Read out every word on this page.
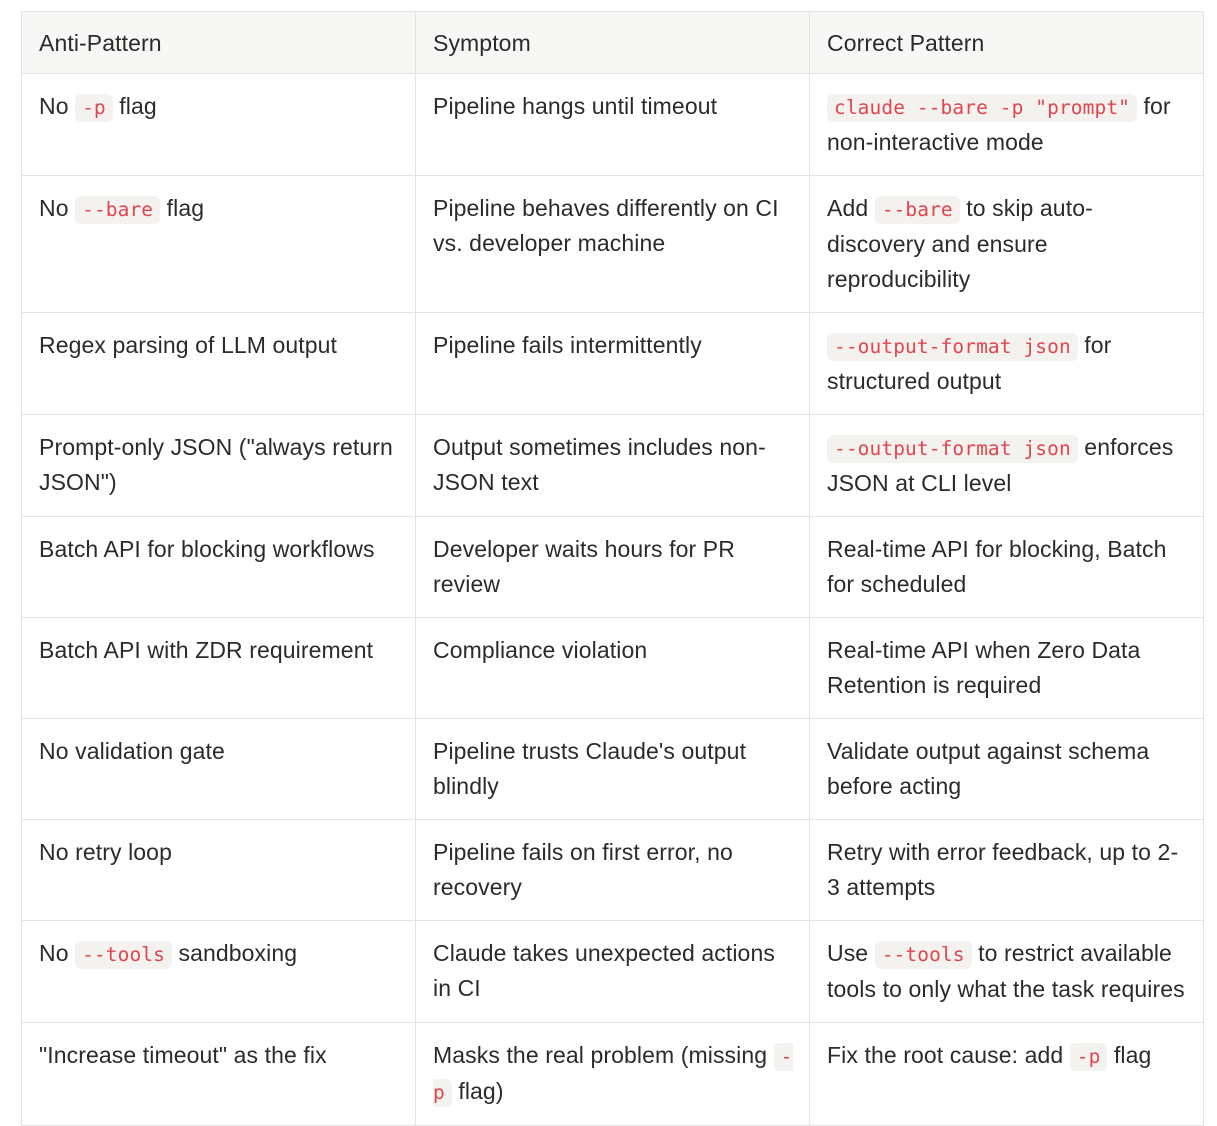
Anti-Pattern	Symptom	Correct Pattern
No -p flag	Pipeline hangs until timeout	claude --bare -p "prompt" for non-interactive mode
No --bare flag	Pipeline behaves differently on CI vs. developer machine	Add --bare to skip auto-discovery and ensure reproducibility
Regex parsing of LLM output	Pipeline fails intermittently	--output-format json for structured output
Prompt-only JSON ("always return JSON")	Output sometimes includes non-JSON text	--output-format json enforces JSON at CLI level
Batch API for blocking workflows	Developer waits hours for PR review	Real-time API for blocking, Batch for scheduled
Batch API with ZDR requirement	Compliance violation	Real-time API when Zero Data Retention is required
No validation gate	Pipeline trusts Claude's output blindly	Validate output against schema before acting
No retry loop	Pipeline fails on first error, no recovery	Retry with error feedback, up to 2-3 attempts
No --tools sandboxing	Claude takes unexpected actions in CI	Use --tools to restrict available tools to only what the task requires
"Increase timeout" as the fix	Masks the real problem (missing -p flag)	Fix the root cause: add -p flag
